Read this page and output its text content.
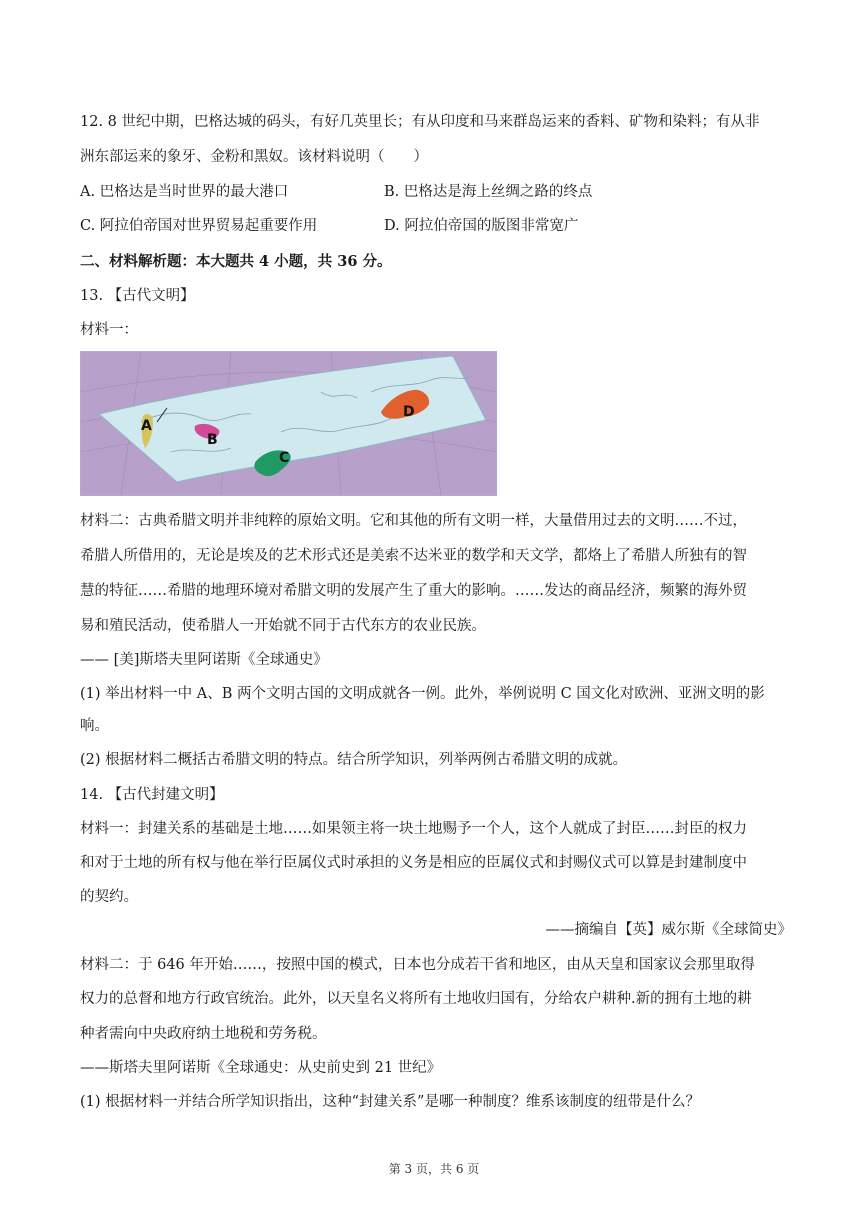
12. 8 世纪中期，巴格达城的码头，有好几英里长；有从印度和马来群岛运来的香料、矿物和染料；有从非
洲东部运来的象牙、金粉和黑奴。该材料说明（　　）
A. 巴格达是当时世界的最大港口	B. 巴格达是海上丝绸之路的终点
C. 阿拉伯帝国对世界贸易起重要作用	D. 阿拉伯帝国的版图非常宽广
二、材料解析题：本大题共 4 小题，共 36 分。
13. 【古代文明】
材料一：
A
B
C
D
材料二：古典希腊文明并非纯粹的原始文明。它和其他的所有文明一样，大量借用过去的文明……不过，
希腊人所借用的，无论是埃及的艺术形式还是美索不达米亚的数学和天文学，都烙上了希腊人所独有的智
慧的特征……希腊的地理环境对希腊文明的发展产生了重大的影响。……发达的商品经济，频繁的海外贸
易和殖民活动，使希腊人一开始就不同于古代东方的农业民族。
—— [美]斯塔夫里阿诺斯《全球通史》
(1) 举出材料一中 A、B 两个文明古国的文明成就各一例。此外，举例说明 C 国文化对欧洲、亚洲文明的影
响。
(2) 根据材料二概括古希腊文明的特点。结合所学知识，列举两例古希腊文明的成就。
14. 【古代封建文明】
材料一：封建关系的基础是土地……如果领主将一块土地赐予一个人，这个人就成了封臣……封臣的权力
和对于土地的所有权与他在举行臣属仪式时承担的义务是相应的臣属仪式和封赐仪式可以算是封建制度中
的契约。
——摘编自【英】威尔斯《全球简史》
材料二：于 646 年开始……，按照中国的模式，日本也分成若干省和地区，由从天皇和国家议会那里取得
权力的总督和地方行政官统治。此外，以天皇名义将所有土地收归国有，分给农户耕种.新的拥有土地的耕
种者需向中央政府纳土地税和劳务税。
——斯塔夫里阿诺斯《全球通史：从史前史到 21 世纪》
(1) 根据材料一并结合所学知识指出，这种“封建关系”是哪一种制度？维系该制度的纽带是什么？
第 3 页，共 6 页
